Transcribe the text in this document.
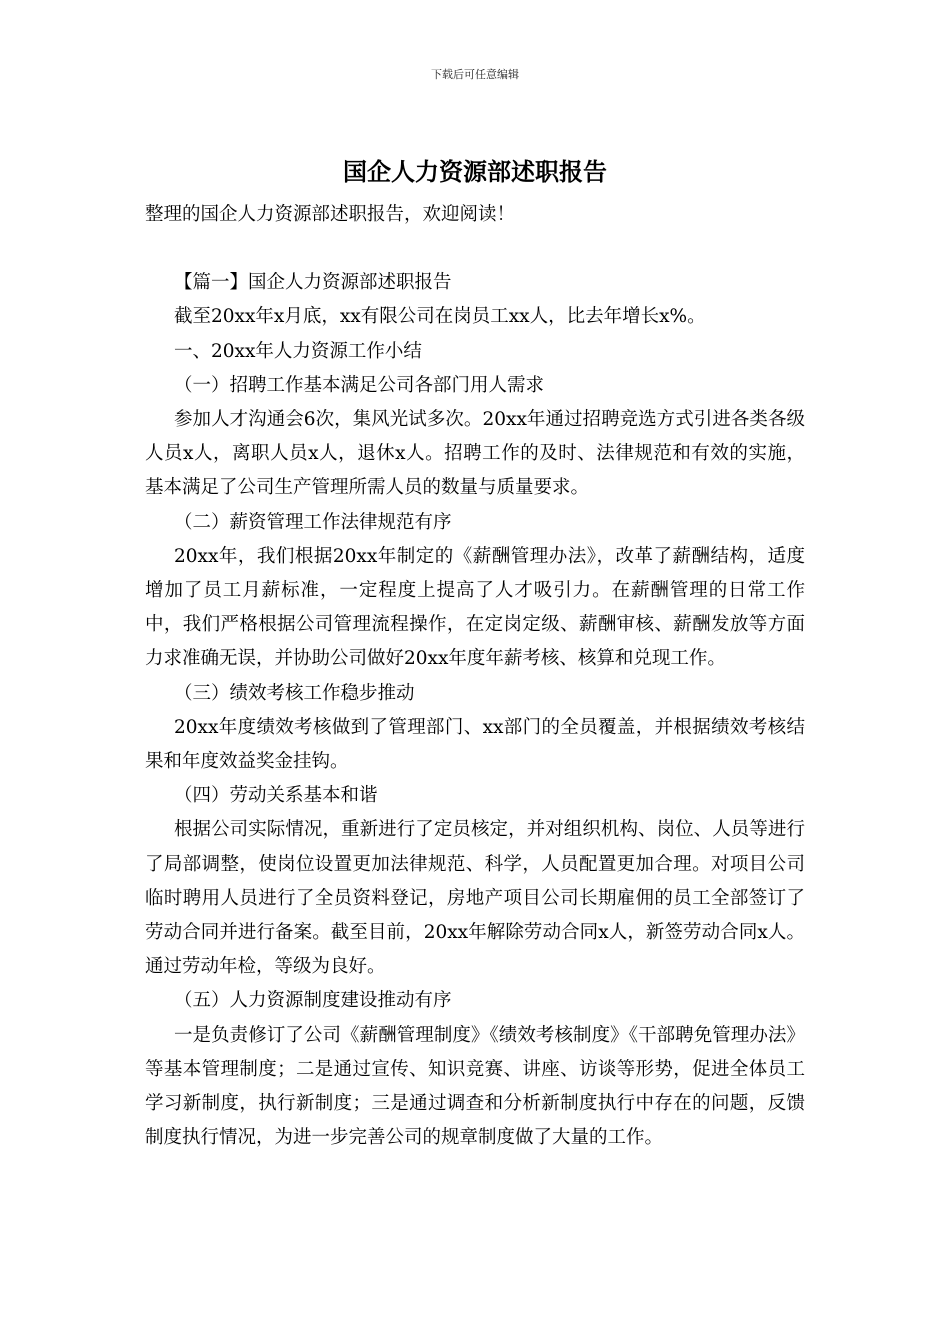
下载后可任意编辑
国企人力资源部述职报告

整理的国企人力资源部述职报告，欢迎阅读！

【篇一】国企人力资源部述职报告

截至20xx年x月底，xx有限公司在岗员工xx人，比去年增长x%。

一、20xx年人力资源工作小结

（一）招聘工作基本满足公司各部门用人需求

参加人才沟通会6次，集风光试多次。20xx年通过招聘竞选方式引进各类各级人员x人，离职人员x人，退休x人。招聘工作的及时、法律规范和有效的实施，基本满足了公司生产管理所需人员的数量与质量要求。

（二）薪资管理工作法律规范有序

20xx年，我们根据20xx年制定的《薪酬管理办法》，改革了薪酬结构，适度增加了员工月薪标准，一定程度上提高了人才吸引力。在薪酬管理的日常工作中，我们严格根据公司管理流程操作，在定岗定级、薪酬审核、薪酬发放等方面力求准确无误，并协助公司做好20xx年度年薪考核、核算和兑现工作。

（三）绩效考核工作稳步推动

20xx年度绩效考核做到了管理部门、xx部门的全员覆盖，并根据绩效考核结果和年度效益奖金挂钩。

（四）劳动关系基本和谐

根据公司实际情况，重新进行了定员核定，并对组织机构、岗位、人员等进行了局部调整，使岗位设置更加法律规范、科学，人员配置更加合理。对项目公司临时聘用人员进行了全员资料登记，房地产项目公司长期雇佣的员工全部签订了劳动合同并进行备案。截至目前，20xx年解除劳动合同x人，新签劳动合同x人。通过劳动年检，等级为良好。

（五）人力资源制度建设推动有序

一是负责修订了公司《薪酬管理制度》《绩效考核制度》《干部聘免管理办法》等基本管理制度；二是通过宣传、知识竞赛、讲座、访谈等形势，促进全体员工学习新制度，执行新制度；三是通过调查和分析新制度执行中存在的问题，反馈制度执行情况，为进一步完善公司的规章制度做了大量的工作。
